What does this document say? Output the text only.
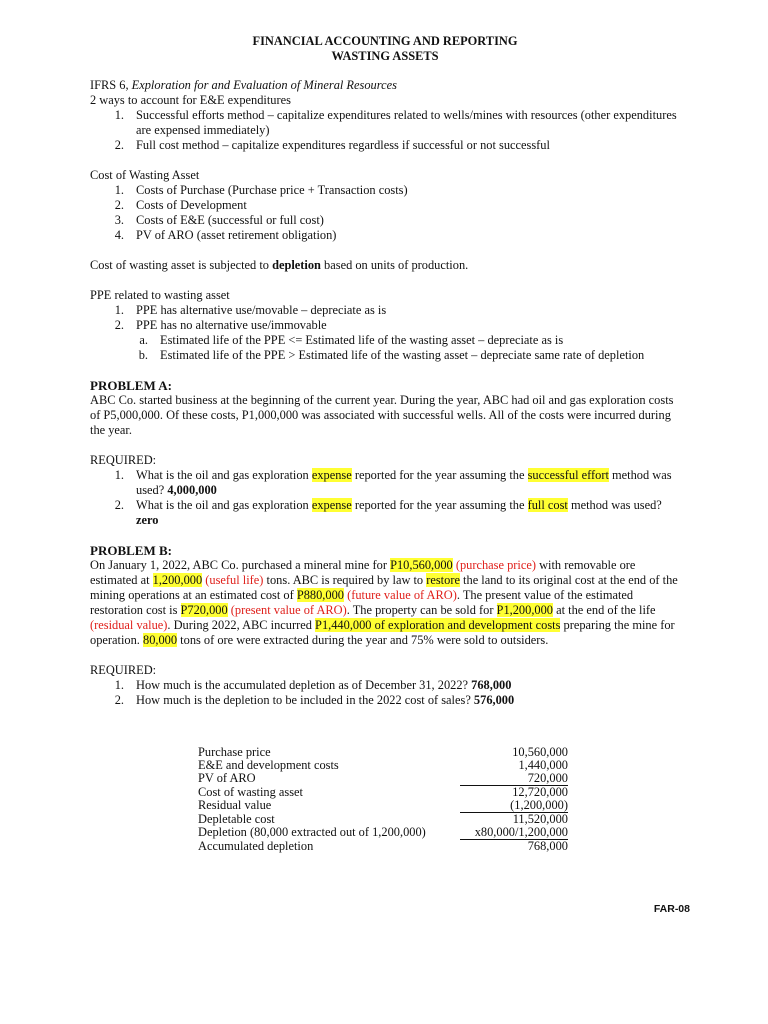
FINANCIAL ACCOUNTING AND REPORTING
WASTING ASSETS

IFRS 6, Exploration for and Evaluation of Mineral Resources

2 ways to account for E&E expenditures

1. Successful efforts method – capitalize expenditures related to wells/mines with resources (other expenditures are expensed immediately)
2. Full cost method – capitalize expenditures regardless if successful or not successful

Cost of Wasting Asset

1. Costs of Purchase (Purchase price + Transaction costs)
2. Costs of Development
3. Costs of E&E (successful or full cost)
4. PV of ARO (asset retirement obligation)

Cost of wasting asset is subjected to depletion based on units of production.

PPE related to wasting asset

1. PPE has alternative use/movable – depreciate as is
2. PPE has no alternative use/immovable
a. Estimated life of the PPE <= Estimated life of the wasting asset – depreciate as is
b. Estimated life of the PPE > Estimated life of the wasting asset – depreciate same rate of depletion

PROBLEM A:

ABC Co. started business at the beginning of the current year. During the year, ABC had oil and gas exploration costs of P5,000,000. Of these costs, P1,000,000 was associated with successful wells. All of the costs were incurred during the year.

REQUIRED:

1. What is the oil and gas exploration expense reported for the year assuming the successful effort method was used? 4,000,000
2. What is the oil and gas exploration expense reported for the year assuming the full cost method was used? zero

PROBLEM B:

On January 1, 2022, ABC Co. purchased a mineral mine for P10,560,000 (purchase price) with removable ore estimated at 1,200,000 (useful life) tons. ABC is required by law to restore the land to its original cost at the end of the mining operations at an estimated cost of P880,000 (future value of ARO). The present value of the estimated restoration cost is P720,000 (present value of ARO). The property can be sold for P1,200,000 at the end of the life (residual value). During 2022, ABC incurred P1,440,000 of exploration and development costs preparing the mine for operation. 80,000 tons of ore were extracted during the year and 75% were sold to outsiders.

REQUIRED:

1. How much is the accumulated depletion as of December 31, 2022? 768,000
2. How much is the depletion to be included in the 2022 cost of sales? 576,000
Purchase price	10,560,000
E&E and development costs	1,440,000
PV of ARO	720,000
Cost of wasting asset	12,720,000
Residual value	(1,200,000)
Depletable cost	11,520,000
Depletion (80,000 extracted out of 1,200,000)	x80,000/1,200,000
Accumulated depletion	768,000
FAR-08
